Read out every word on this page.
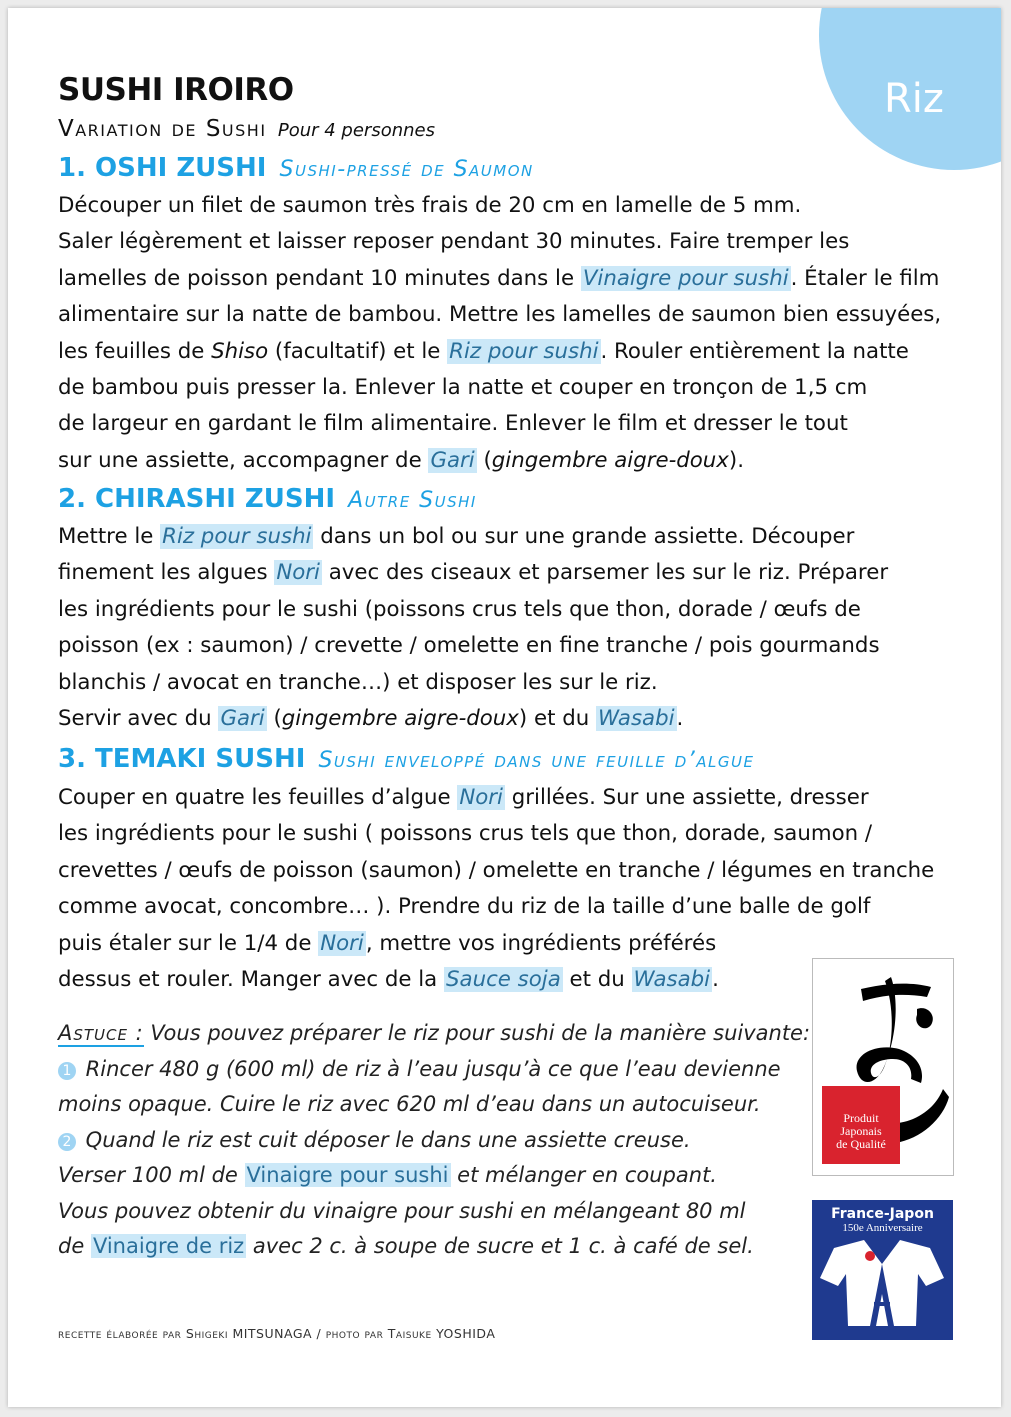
Riz
SUSHI IROIRO
Variation de Sushi Pour 4 personnes
1. OSHI ZUSHI Sushi-pressé de Saumon
Découper un filet de saumon très frais de 20 cm en lamelle de 5 mm.
Saler légèrement et laisser reposer pendant 30 minutes. Faire tremper les
lamelles de poisson pendant 10 minutes dans le Vinaigre pour sushi. Étaler le film
alimentaire sur la natte de bambou. Mettre les lamelles de saumon bien essuyées,
les feuilles de Shiso (facultatif) et le Riz pour sushi. Rouler entièrement la natte
de bambou puis presser la. Enlever la natte et couper en tronçon de 1,5 cm
de largeur en gardant le film alimentaire. Enlever le film et dresser le tout
sur une assiette, accompagner de Gari (gingembre aigre-doux).
2. CHIRASHI ZUSHI Autre Sushi
Mettre le Riz pour sushi dans un bol ou sur une grande assiette. Découper
finement les algues Nori avec des ciseaux et parsemer les sur le riz. Préparer
les ingrédients pour le sushi (poissons crus tels que thon, dorade / œufs de
poisson (ex : saumon) / crevette / omelette en fine tranche / pois gourmands
blanchis / avocat en tranche…) et disposer les sur le riz.
Servir avec du Gari (gingembre aigre-doux) et du Wasabi.
3. TEMAKI SUSHI Sushi enveloppé dans une feuille d’algue
Couper en quatre les feuilles d’algue Nori grillées. Sur une assiette, dresser
les ingrédients pour le sushi ( poissons crus tels que thon, dorade, saumon /
crevettes / œufs de poisson (saumon) / omelette en tranche / légumes en tranche
comme avocat, concombre… ). Prendre du riz de la taille d’une balle de golf
puis étaler sur le 1/4 de Nori, mettre vos ingrédients préférés
dessus et rouler. Manger avec de la Sauce soja et du Wasabi.
Astuce : Vous pouvez préparer le riz pour sushi de la manière suivante:
1 Rincer 480 g (600 ml) de riz à l’eau jusqu’à ce que l’eau devienne
moins opaque. Cuire le riz avec 620 ml d’eau dans un autocuiseur.
2 Quand le riz est cuit déposer le dans une assiette creuse.
Verser 100 ml de Vinaigre pour sushi et mélanger en coupant.
Vous pouvez obtenir du vinaigre pour sushi en mélangeant 80 ml
de Vinaigre de riz avec 2 c. à soupe de sucre et 1 c. à café de sel.
Produit
Japonais
de Qualité
France-Japon
150e Anniversaire
recette élaborée par Shigeki MITSUNAGA / photo par Taisuke YOSHIDA
